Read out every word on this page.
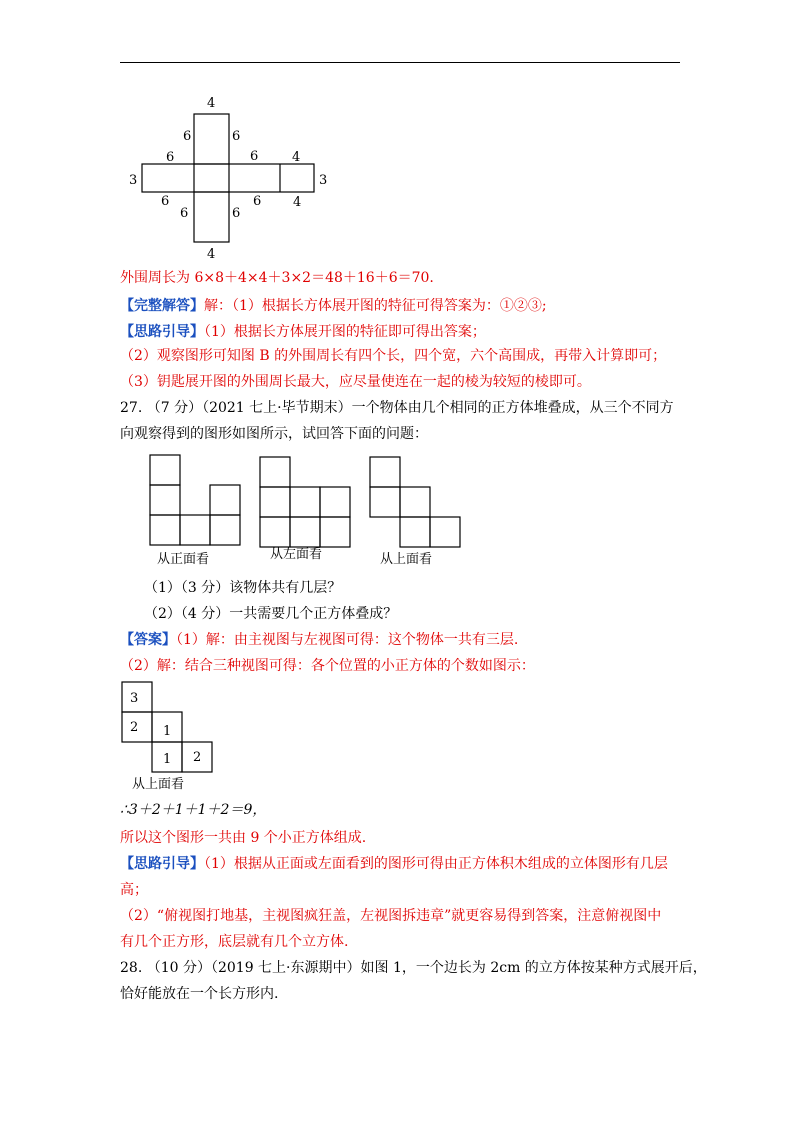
4
4
3	3
6	6
6	6	4
6
6	6
6 4
外围周长为 6×8＋4×4＋3×2＝48＋16＋6＝70.
【完整解答】解：（1）根据长方体展开图的特征可得答案为：①②③;
【思路引导】（1）根据长方体展开图的特征即可得出答案；
（2）观察图形可知图 B 的外围周长有四个长，四个宽，六个高围成，再带入计算即可；
（3）钥匙展开图的外围周长最大，应尽量使连在一起的棱为较短的棱即可。
27. （7 分）（2021 七上·毕节期末）一个物体由几个相同的正方体堆叠成，从三个不同方
向观察得到的图形如图所示，试回答下面的问题：
从正面看	从左面看	从上面看
（1）（3 分）该物体共有几层？
（2）（4 分）一共需要几个正方体叠成？
【答案】（1）解：由主视图与左视图可得：这个物体一共有三层.
（2）解：结合三种视图可得：各个位置的小正方体的个数如图示：
3
2 1
1 2
从上面看
∴3＋2＋1＋1＋2＝9，
所以这个图形一共由 9 个小正方体组成.
【思路引导】（1）根据从正面或左面看到的图形可得由正方体积木组成的立体图形有几层
高；
（2）“俯视图打地基，主视图疯狂盖，左视图拆违章”就更容易得到答案，注意俯视图中
有几个正方形，底层就有几个立方体.
28. （10 分）（2019 七上·东源期中）如图 1，一个边长为 2cm 的立方体按某种方式展开后，
恰好能放在一个长方形内.
